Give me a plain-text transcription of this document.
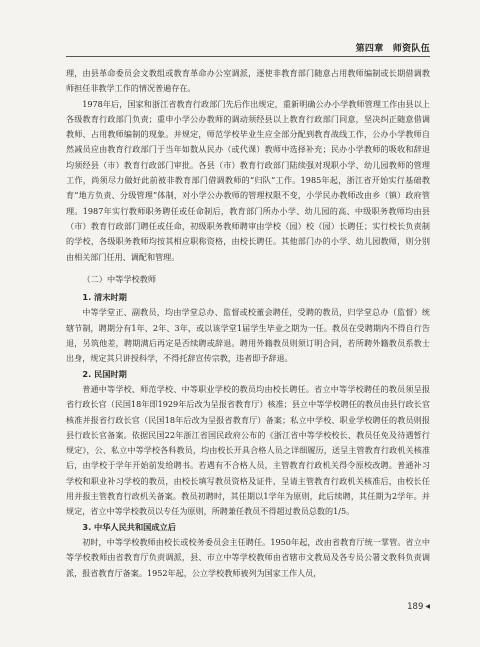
第四章　师资队伍

理，由县革命委员会文教组或教育革命办公室调派，逐使非教育部门随意占用教师编制或长期借调教师担任非教学工作的情况普遍存在。

1978年后，国家和浙江省教育行政部门先后作出规定，重新明确公办小学教师管理工作由县以上各级教育行政部门负责；重申小学公办教师的调动须经县以上教育行政部门同意，坚决纠正随意借调教师、占用教师编制的现象。并规定，师范学校毕业生应全部分配到教育战线工作，公办小学教师自然减员应由教育行政部门于当年如数从民办（或代课）教师中选择补充；民办小学教师的吸收和辞退均须经县（市）教育行政部门审批。各县（市）教育行政部门陆续强对现职小学、幼儿园教师的管理工作，尚须尽力做好此前被非教育部门借调教师的“归队”工作。1985年起，浙江省开始实行基础教育“地方负责、分级管理”体制，对小学公办教师的管理权限不变，小学民办教师改由乡（镇）政府管理。1987年实行教师职务聘任或任命制后，教育部门所办小学、幼儿园的高、中级职务教师均由县（市）教育行政部门聘任或任命，初级职务教师聘审由学校（园）校（园）长聘任；实行校长负责制的学校，各级职务教师均按其相应职称资格，由校长聘任。其他部门办的小学、幼儿园教师，则分别由相关部门任用、调配和管理。

（二）中等学校教师

1. 清末时期

中等学堂正、副教员，均由学堂总办、监督或校董会聘任，受聘的教员，归学堂总办（监督）统辖节制，聘期分有1年、2年、3年，或以该学堂1届学生毕业之期为一任。教员在受聘期内不得自行告退，另筑他差，聘期满后再定是否续聘或辞退。聘用外籍教员则须订明合同，若所聘外籍教员系教士出身，规定其只讲授科学，不得托辞宣传宗教，违者即予辞退。

2. 民国时期

普通中等学校、师范学校、中等职业学校的教员均由校长聘任。省立中等学校聘任的教员须呈报省行政长官（民国18年即1929年后改为呈报省教育厅）核准；县立中等学校聘任的教员由县行政长官核准并报省行政长官（民国18年后改为呈报省教育厅）备案；私立中学校、职业学校聘任的教员则报县行政长官备案。依据民国22年浙江省国民政府公布的《浙江省中等学校校长、教员任免及待遇暂行规定》，公、私立中等学校各科教员，均由校长开具合格人员之详细履历，送呈主管教育行政机关核准后，由学校于学年开始前发给聘书。若遇有不合格人员，主管教育行政机关得令原校改聘。普通补习学校和职业补习学校的教员，由校长填写教员资格及证件，呈请主管教育行政机关核准后，由校长任用并报主管教育行政机关备案。教员初聘时，其任期以1学年为原则，此后续聘，其任期为2学年。并规定，省立中等学校教员以专任为原则，所聘兼任教员不得超过教员总数的1/5。

3. 中华人民共和国成立后

初时，中等学校教师由校长或校务委员会主任聘任。1950年起，改由省教育厅统一掌管。省立中等学校教师由省教育厅负责调派，县、市立中等学校教师由省辖市文教局及各专员公署文教科负责调派，报省教育厅备案。1952年起，公立学校教师被列为国家工作人员，

189 ◀
